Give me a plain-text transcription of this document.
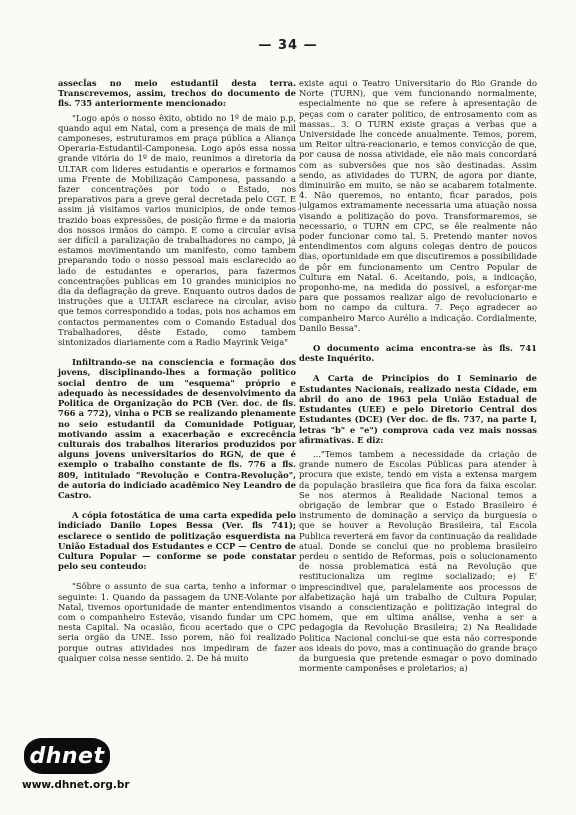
— 34 —

assecĺas no meio estudantil desta terra. Transcrevemos, assim, trechos do documento de fls. 735 anteriormente mencionado:

"Logo após o nosso êxito, obtido no 1º de maio p.p, quando aqui em Natal, com a presença de mais de mil camponeses, estruturamos em praça pública a Aliança Operaria-Estudantil-Camponesa. Logo após essa nossa grande vitória do 1º de maio, reunimos a diretoria da ULTAR com lideres estudantis e operarios e formamos uma Frente de Mobilização Camponesa, passando a fazer concentrações por todo o Estado, nos preparativos para a greve geral decretada pelo CGT. E assim já visitamos varios municipios, de onde temos trazido boas expressões, de posição firme e da maioria dos nossos irmãos do campo. E como a circular avisa ser difícil a paralização de trabalhadores no campo, já estamos movimentando um manifesto, como tambem preparando todo o nosso pessoal mais esclarecido ao lado de estudantes e operarios, para fazermos concentrações publicas em 10 grandes municipios no dia da deflagração da greve. Enquanto outros dados de instruções que a ULTAR esclarece na circular, aviso que temos correspondido a todas, pois nos achamos em contactos permanentes com o Comando Estadual dos Trabalhadores, dêste Estado, como tambem sintonizados diariamente com a Radio Mayrink Veiga"

Infiltrando-se na consciencia e formação dos jovens, disciplinando-lhes a formação politico social dentro de um "esquema" próprio e adequado às necessidades de desenvolvimento da Politica de Organização do PCB (Ver. doc. de fls. 766 a 772), vinha o PCB se realizando plenamente no seio estudantil da Comunidade Potiguar, motivando assim a exacerbação e excrecência culturais dos trabalhos literarios produzidos por alguns jovens universitarios do RGN, de que é exemplo o trabalho constante de fls. 776 a fls. 809, intitulado "Revolução e Contra-Revolução", de autoria do indiciado acadêmico Ney Leandro de Castro.

A cópia fotostática de uma carta expedida pelo indiciado Danilo Lopes Bessa (Ver. fls 741); esclarece o sentido de politização esquerdista na União Estadual dos Estudantes e CCP — Centro de Cultura Popular — conforme se pode constatar pelo seu conteudo:

"Sôbre o assunto de sua carta, tenho a informar o seguinte: 1. Quando da passagem da UNE-Volante por Natal, tivemos oportunidade de manter entendimentos com o companheiro Estevão, visando fundar um CPC nesta Capital. Na ocasião, ficou acertado que o CPC seria orgão da UNE. Isso porem, não foi realizado porque outras atividades nos impediram de fazer qualquer coisa nesse sentido. 2. De há muito

existe aqui o Teatro Universitario do Rio Grande do Norte (TURN), que vem funcionando normalmente, especialmente no que se refere à apresentação de peças com o carater politico, de entrosamento com as massas.. 3. O TURN existe graças a verbas que a Universidade lhe concede anualmente. Temos, porem, um Reitor ultra-reacionario, e temos convicção de que, por causa de nossa atividade, ele não mais concordará com as subversões que nos são destinadas. Assim sendo, as atividades do TURN, de agora por diante, diminuirão em muito, se não se acabarem totalmente. 4. Não queremos, no entanto, ficar parados, pois julgamos extramamente necessaria uma atuação nossa visando a politização do povo. Transformaremos, se necessario, o TURN em CPC, se êle realmente não poder funcionar como tal. 5. Pretendo manter novos entendimentos com alguns colegas dentro de poucos dias, oportunidade em que discutiremos a possibilidade de pôr em funcionamento um Centro Popular de Cultura em Natal. 6. Aceitando, pois, a indicação, proponho-me, na medida do possivel, a esforçar-me para que possamos realizar algo de revolucionario e bom no campo da cultura. 7. Peço agradecer ao companheiro Marco Aurélio a indicação. Cordialmente, Danilo Bessa".

O documento acima encontra-se às fls. 741 deste Inquérito.

A Carta de Principios do I Seminario de Estudantes Nacionais, realizado nesta Cidade, em abril do ano de 1963 pela União Estadual de Estudantes (UEE) e pelo Diretorio Central dos Estudantes (DCE) (Ver doc. de fls. 737, na parte I, letras "b" e "e") comprova cada vez mais nossas afirmativas. E diz:

..."Temos tambem a necessidade da criação de grande numero de Escolas Públicas para atender à procura que existe, tendo em vista a extensa margem da população brasileira que fica fora da faixa escolar. Se nos atermos à Realidade Nacional temos a obrigação de lembrar que o Estado Brasileiro é instrumento de dominação a serviço da burguesia o que se houver a Revolução Brasileira, tal Escola Publica reverterá em favor da continuação da realidade atual. Donde se conclui que no problema brasileiro perdeu o sentido de Reformas, pois o solucionamento de nossa problematica está na Revolução que restitucionaliza um regime socializado; e) E' imprescindivel que, paralelamente aos processos de alfabetização hajá um trabalho de Cultura Popular, visando a conscientização e politização integral do homem, que em ultima análise, venha a ser a pedagogia da Revolução Brasileira; 2) Na Realidade Politica Nacional conclui-se que esta não corresponde aos ideais do povo, mas a continuação do grande braço da burguesia que pretende esmagar o povo dominado mormente camponêses e proletarios; a)

dhnet
www.dhnet.org.br
